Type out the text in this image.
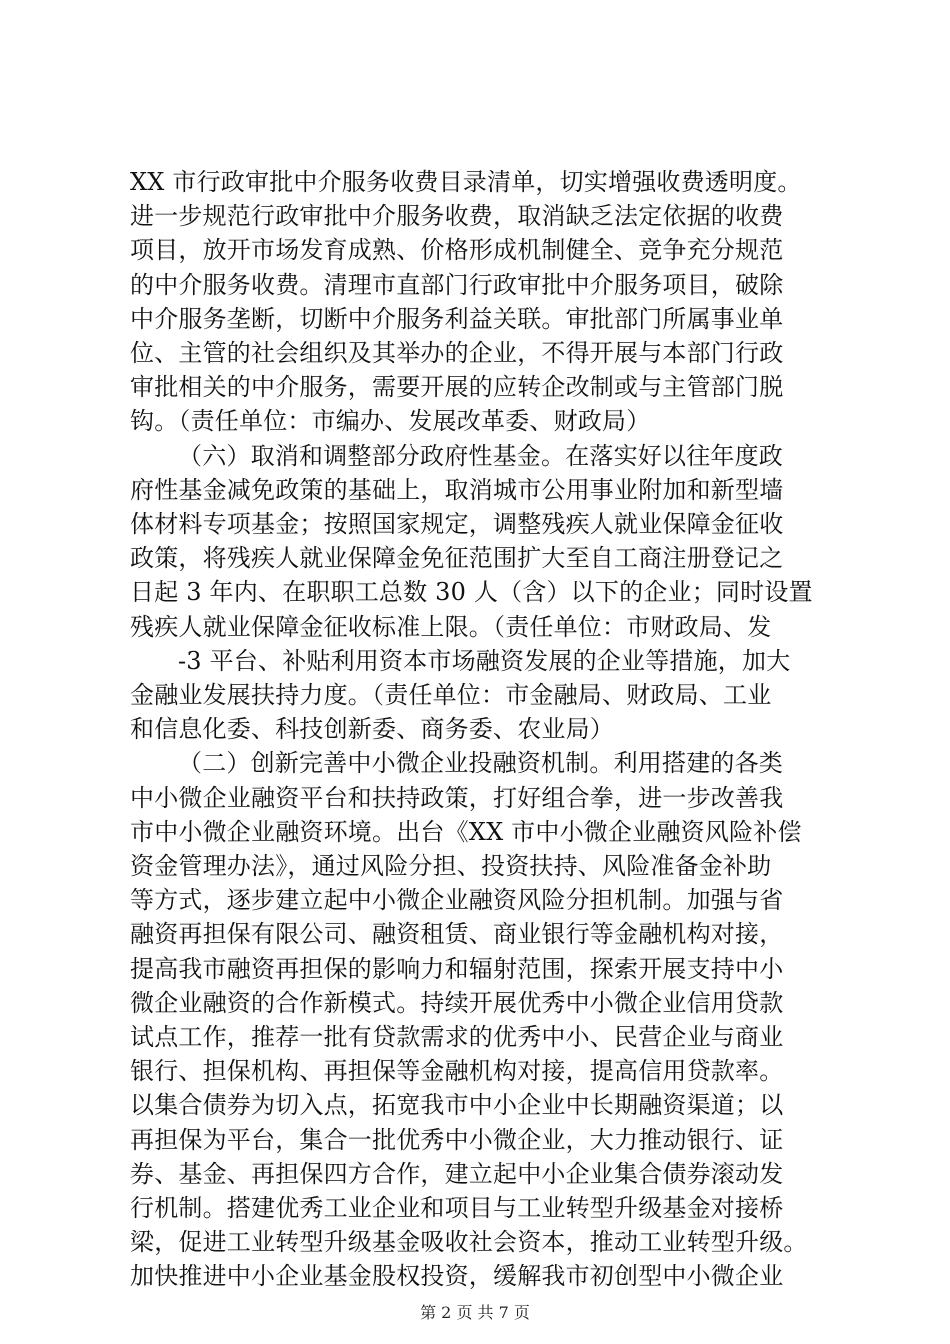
XX 市行政审批中介服务收费目录清单，切实增强收费透明度。
进一步规范行政审批中介服务收费，取消缺乏法定依据的收费
项目，放开市场发育成熟、价格形成机制健全、竞争充分规范
的中介服务收费。清理市直部门行政审批中介服务项目，破除
中介服务垄断，切断中介服务利益关联。审批部门所属事业单
位、主管的社会组织及其举办的企业，不得开展与本部门行政
审批相关的中介服务，需要开展的应转企改制或与主管部门脱
钩。（责任单位：市编办、发展改革委、财政局）
（六）取消和调整部分政府性基金。在落实好以往年度政
府性基金减免政策的基础上，取消城市公用事业附加和新型墙
体材料专项基金；按照国家规定，调整残疾人就业保障金征收
政策，将残疾人就业保障金免征范围扩大至自工商注册登记之
日起 3 年内、在职职工总数 30 人（含）以下的企业；同时设置
残疾人就业保障金征收标准上限。（责任单位：市财政局、发
-3 平台、补贴利用资本市场融资发展的企业等措施，加大
金融业发展扶持力度。（责任单位：市金融局、财政局、工业
和信息化委、科技创新委、商务委、农业局）
（二）创新完善中小微企业投融资机制。利用搭建的各类
中小微企业融资平台和扶持政策，打好组合拳，进一步改善我
市中小微企业融资环境。出台《XX 市中小微企业融资风险补偿
资金管理办法》，通过风险分担、投资扶持、风险准备金补助
等方式，逐步建立起中小微企业融资风险分担机制。加强与省
融资再担保有限公司、融资租赁、商业银行等金融机构对接，
提高我市融资再担保的影响力和辐射范围，探索开展支持中小
微企业融资的合作新模式。持续开展优秀中小微企业信用贷款
试点工作，推荐一批有贷款需求的优秀中小、民营企业与商业
银行、担保机构、再担保等金融机构对接，提高信用贷款率。
以集合债券为切入点，拓宽我市中小企业中长期融资渠道；以
再担保为平台，集合一批优秀中小微企业，大力推动银行、证
券、基金、再担保四方合作，建立起中小企业集合债券滚动发
行机制。搭建优秀工业企业和项目与工业转型升级基金对接桥
梁，促进工业转型升级基金吸收社会资本，推动工业转型升级。
加快推进中小企业基金股权投资，缓解我市初创型中小微企业
第 2 页 共 7 页
